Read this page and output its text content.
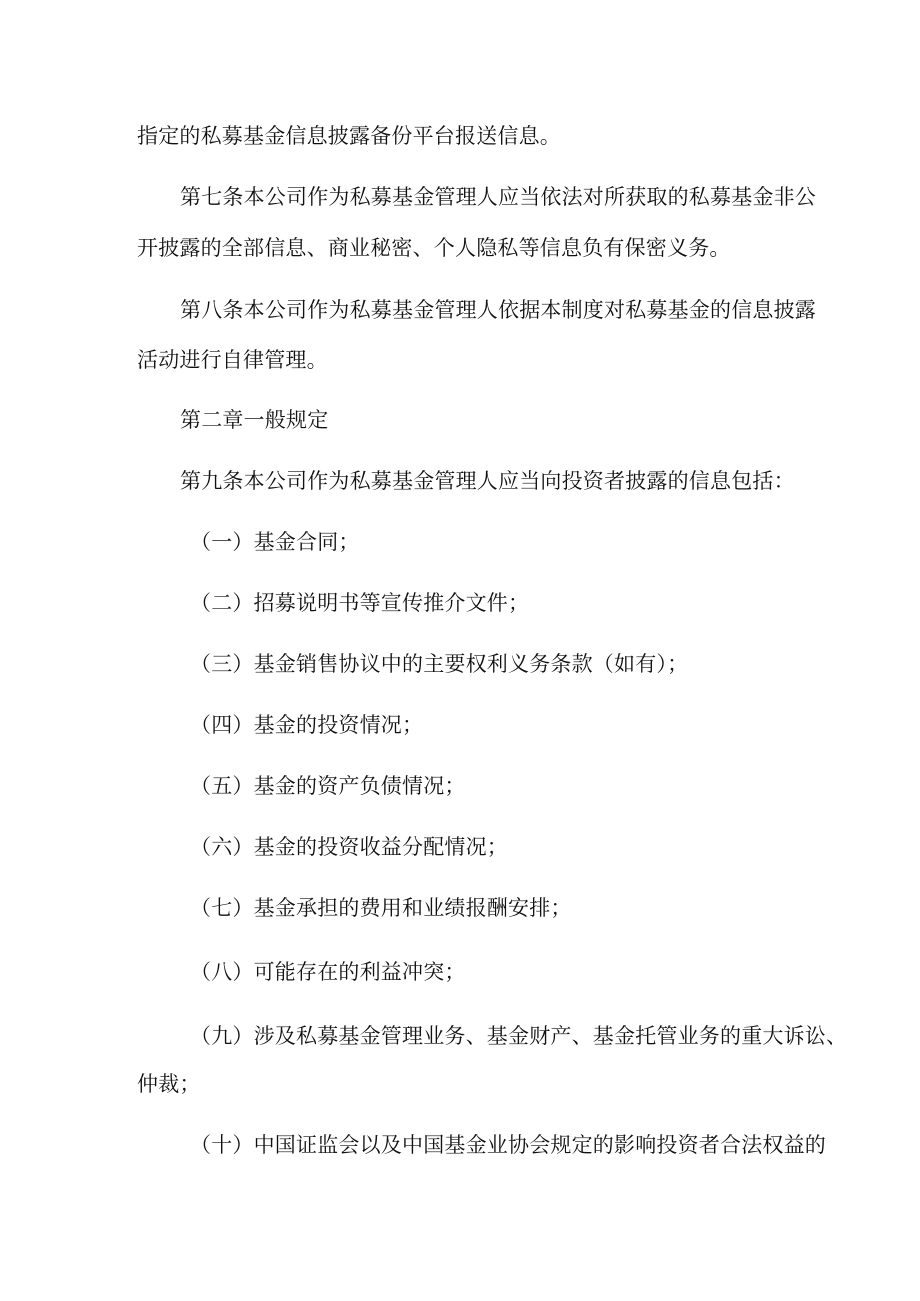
指定的私募基金信息披露备份平台报送信息。
第七条本公司作为私募基金管理人应当依法对所获取的私募基金非公
开披露的全部信息、商业秘密、个人隐私等信息负有保密义务。
第八条本公司作为私募基金管理人依据本制度对私募基金的信息披露
活动进行自律管理。
第二章一般规定
第九条本公司作为私募基金管理人应当向投资者披露的信息包括：
（一）基金合同；
（二）招募说明书等宣传推介文件；
（三）基金销售协议中的主要权利义务条款（如有）；
（四）基金的投资情况；
（五）基金的资产负债情况；
（六）基金的投资收益分配情况；
（七）基金承担的费用和业绩报酬安排；
（八）可能存在的利益冲突；
（九）涉及私募基金管理业务、基金财产、基金托管业务的重大诉讼、
仲裁；
（十）中国证监会以及中国基金业协会规定的影响投资者合法权益的
